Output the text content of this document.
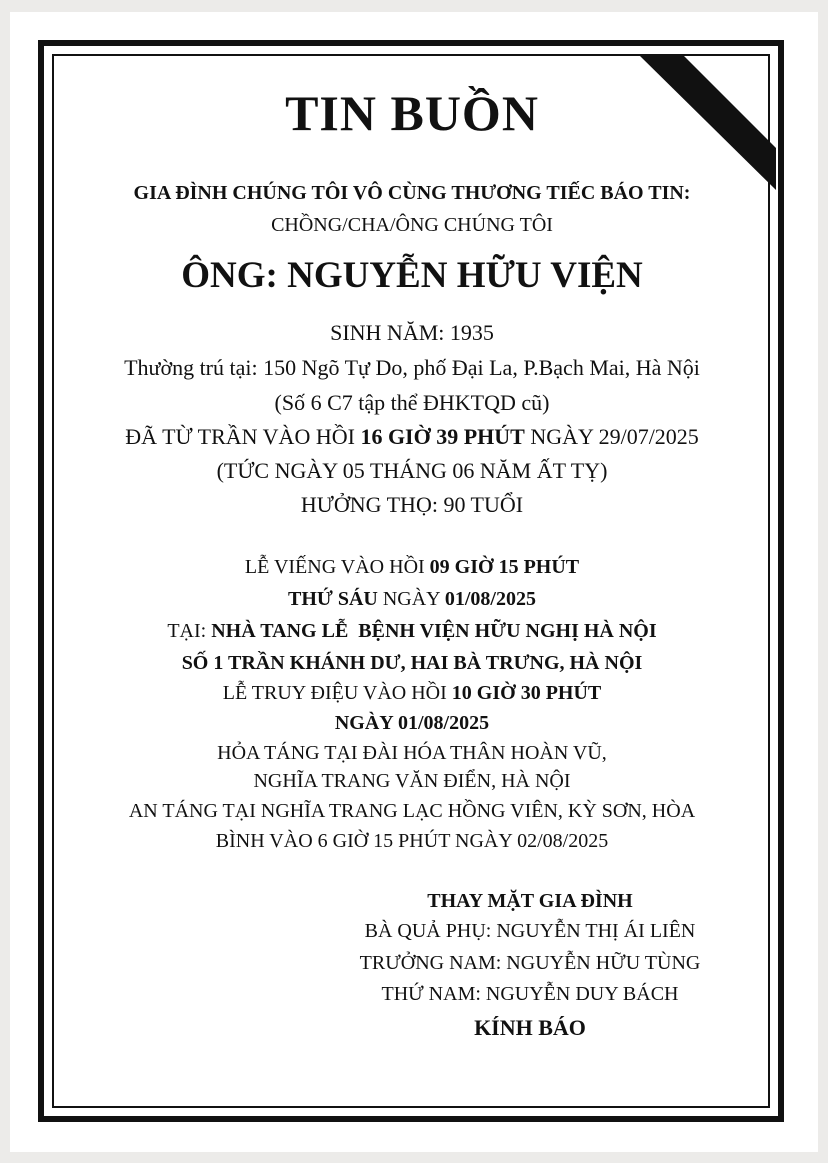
TIN BUỒN
GIA ĐÌNH CHÚNG TÔI VÔ CÙNG THƯƠNG TIẾC BÁO TIN:
CHỒNG/CHA/ÔNG CHÚNG TÔI
ÔNG: NGUYỄN HỮU VIỆN
SINH NĂM: 1935
Thường trú tại: 150 Ngõ Tự Do, phố Đại La, P.Bạch Mai, Hà Nội
(Số 6 C7 tập thể ĐHKTQD cũ)
ĐÃ TỪ TRẦN VÀO HỒI 16 GIỜ 39 PHÚT NGÀY 29/07/2025
(TỨC NGÀY 05 THÁNG 06 NĂM ẤT TỴ)
HƯỞNG THỌ: 90 TUỔI
LỄ VIẾNG VÀO HỒI 09 GIỜ 15 PHÚT
THỨ SÁU NGÀY 01/08/2025
TẠI: NHÀ TANG LỄ  BỆNH VIỆN HỮU NGHỊ HÀ NỘI
SỐ 1 TRẦN KHÁNH DƯ, HAI BÀ TRƯNG, HÀ NỘI
LỄ TRUY ĐIỆU VÀO HỒI 10 GIỜ 30 PHÚT
NGÀY 01/08/2025
HỎA TÁNG TẠI ĐÀI HÓA THÂN HOÀN VŨ,
NGHĨA TRANG VĂN ĐIỂN, HÀ NỘI
AN TÁNG TẠI NGHĨA TRANG LẠC HỒNG VIÊN, KỲ SƠN, HÒA
BÌNH VÀO 6 GIỜ 15 PHÚT NGÀY 02/08/2025
THAY MẶT GIA ĐÌNH
BÀ QUẢ PHỤ: NGUYỄN THỊ ÁI LIÊN
TRƯỞNG NAM: NGUYỄN HỮU TÙNG
THỨ NAM: NGUYỄN DUY BÁCH
KÍNH BÁO
